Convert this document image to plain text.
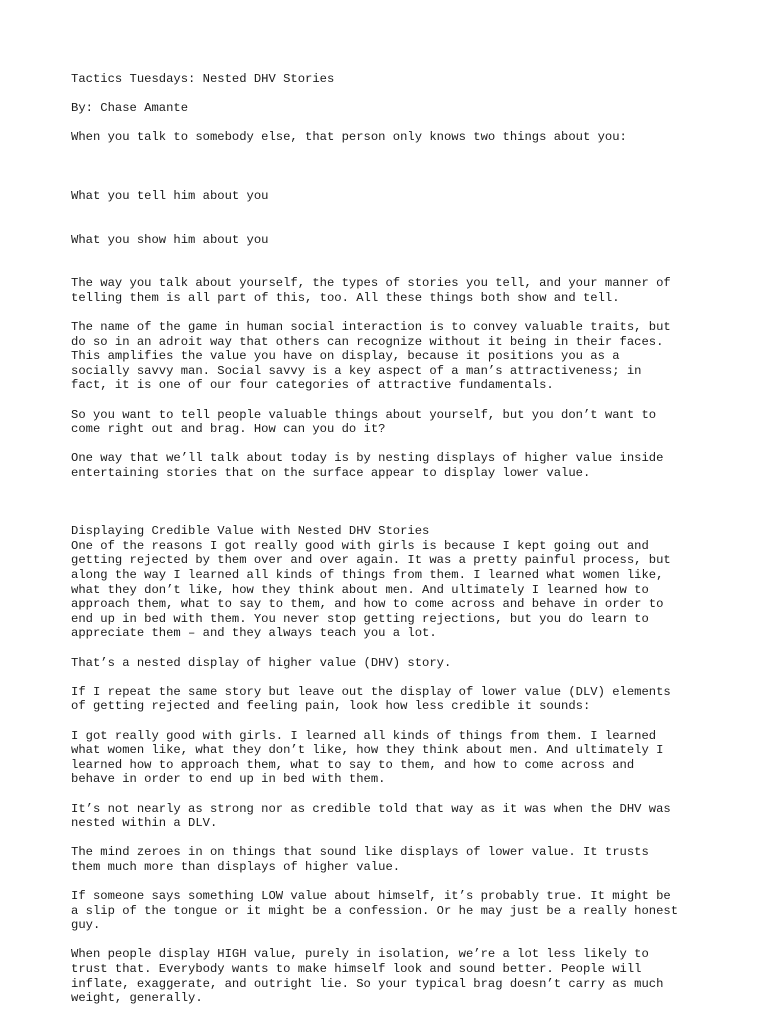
Tactics Tuesdays: Nested DHV Stories
By: Chase Amante
When you talk to somebody else, that person only knows two things about you:

What you tell him about you

What you show him about you

The way you talk about yourself, the types of stories you tell, and your manner of
telling them is all part of this, too. All these things both show and tell.
The name of the game in human social interaction is to convey valuable traits, but
do so in an adroit way that others can recognize without it being in their faces.
This amplifies the value you have on display, because it positions you as a
socially savvy man. Social savvy is a key aspect of a man’s attractiveness; in
fact, it is one of our four categories of attractive fundamentals.
So you want to tell people valuable things about yourself, but you don’t want to
come right out and brag. How can you do it?
One way that we’ll talk about today is by nesting displays of higher value inside
entertaining stories that on the surface appear to display lower value.
Displaying Credible Value with Nested DHV Stories
One of the reasons I got really good with girls is because I kept going out and
getting rejected by them over and over again. It was a pretty painful process, but
along the way I learned all kinds of things from them. I learned what women like,
what they don’t like, how they think about men. And ultimately I learned how to
approach them, what to say to them, and how to come across and behave in order to
end up in bed with them. You never stop getting rejections, but you do learn to
appreciate them – and they always teach you a lot.
That’s a nested display of higher value (DHV) story.
If I repeat the same story but leave out the display of lower value (DLV) elements
of getting rejected and feeling pain, look how less credible it sounds:
I got really good with girls. I learned all kinds of things from them. I learned
what women like, what they don’t like, how they think about men. And ultimately I
learned how to approach them, what to say to them, and how to come across and
behave in order to end up in bed with them.
It’s not nearly as strong nor as credible told that way as it was when the DHV was
nested within a DLV.
The mind zeroes in on things that sound like displays of lower value. It trusts
them much more than displays of higher value.
If someone says something LOW value about himself, it’s probably true. It might be
a slip of the tongue or it might be a confession. Or he may just be a really honest
guy.
When people display HIGH value, purely in isolation, we’re a lot less likely to
trust that. Everybody wants to make himself look and sound better. People will
inflate, exaggerate, and outright lie. So your typical brag doesn’t carry as much
weight, generally.
